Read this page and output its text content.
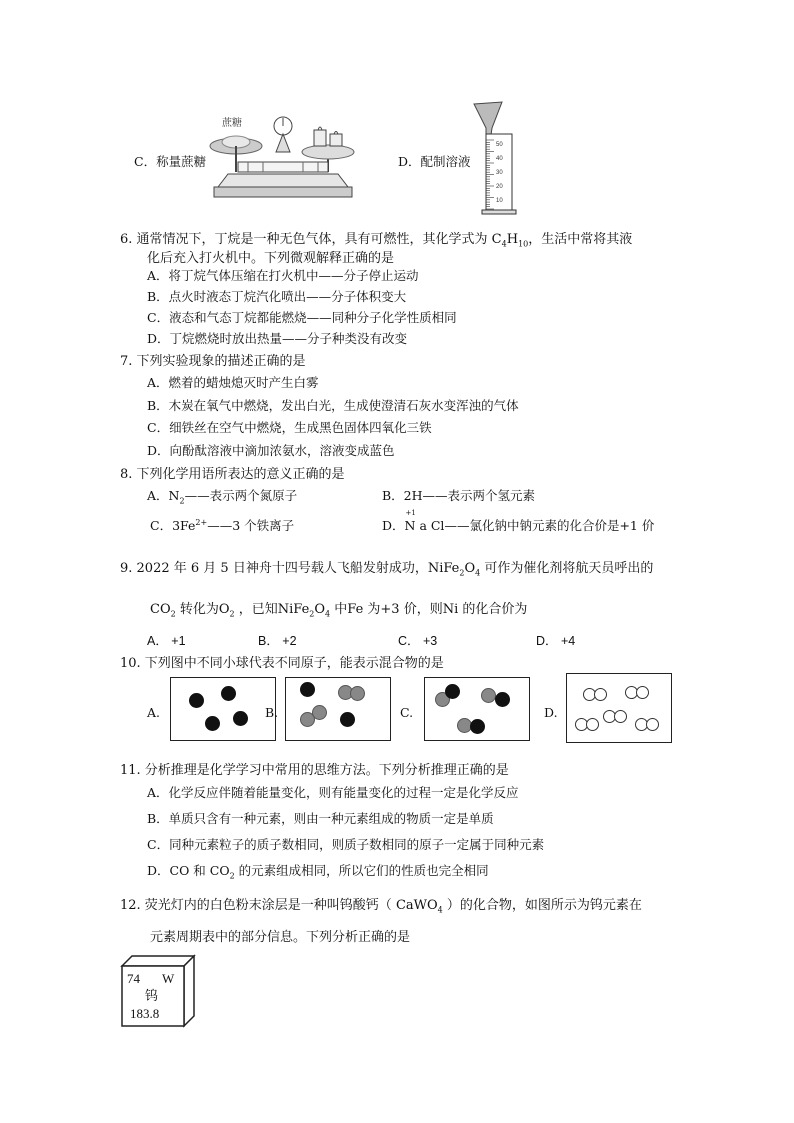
C．称量蔗糖
蔗糖
D．配制溶液
50
40
30
20
10
6. 通常情况下，丁烷是一种无色气体，具有可燃性，其化学式为 $C_4H_{10}$，生活中常将其液
化后充入打火机中。下列微观解释正确的是
A．将丁烷气体压缩在打火机中——分子停止运动
B．点火时液态丁烷汽化喷出——分子体积变大
C．液态和气态丁烷都能燃烧——同种分子化学性质相同
D．丁烷燃烧时放出热量——分子种类没有改变
7. 下列实验现象的描述正确的是
A．燃着的蜡烛熄灭时产生白雾
B．木炭在氧气中燃烧，发出白光，生成使澄清石灰水变浑浊的气体
C．细铁丝在空气中燃烧，生成黑色固体四氧化三铁
D．向酚酞溶液中滴加浓氨水，溶液变成蓝色
8. 下列化学用语所表达的意义正确的是
A．$N_2——$表示两个氮原子	B．2H——表示两个氢元素
C．$3Fe^{2+}——3$ 个铁离子	D．
+1
N a Cl——氯化钠中钠元素的化合价是+1 价
9. 2022 年 6 月 5 日神舟十四号载人飞船发射成功，$NiFe_2O_4$ 可作为催化剂将航天员呼出的
$CO_2$ 转化为$O_2$ ，已知$NiFe_2O_4$ 中Fe 为+3 价，则Ni 的化合价为
A． +1	B． +2	C． +3	D． +4
10. 下列图中不同小球代表不同原子，能表示混合物的是
A.	B.	C.	D.
11. 分析推理是化学学习中常用的思维方法。下列分析推理正确的是
A．化学反应伴随着能量变化，则有能量变化的过程一定是化学反应
B．单质只含有一种元素，则由一种元素组成的物质一定是单质
C．同种元素粒子的质子数相同，则质子数相同的原子一定属于同种元素
D．CO 和 $CO_2$ 的元素组成相同，所以它们的性质也完全相同
12. 荧光灯内的白色粉末涂层是一种叫钨酸钙（ CaWO$_4$ ）的化合物，如图所示为钨元素在
元素周期表中的部分信息。下列分析正确的是
74 W
钨
183.8
